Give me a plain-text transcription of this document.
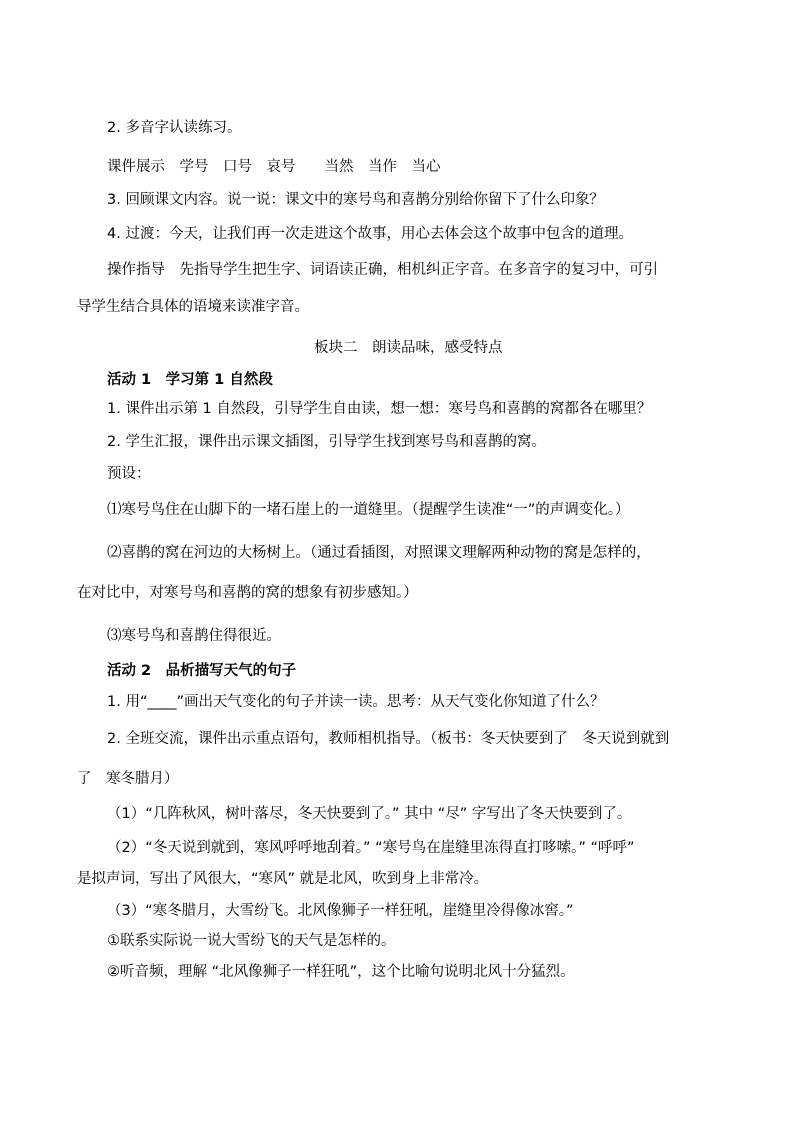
2. 多音字认读练习。
课件展示　学号　口号　哀号　　当然　当作　当心
3. 回顾课文内容。说一说：课文中的寒号鸟和喜鹊分别给你留下了什么印象？
4. 过渡：今天，让我们再一次走进这个故事，用心去体会这个故事中包含的道理。
操作指导　先指导学生把生字、词语读正确，相机纠正字音。在多音字的复习中，可引
导学生结合具体的语境来读准字音。
板块二　朗读品味，感受特点
活动 1　学习第 1 自然段
1. 课件出示第 1 自然段，引导学生自由读，想一想：寒号鸟和喜鹊的窝都各在哪里？
2. 学生汇报，课件出示课文插图，引导学生找到寒号鸟和喜鹊的窝。
预设：
⑴寒号鸟住在山脚下的一堵石崖上的一道缝里。（提醒学生读准“一”的声调变化。）
⑵喜鹊的窝在河边的大杨树上。（通过看插图，对照课文理解两种动物的窝是怎样的，
在对比中，对寒号鸟和喜鹊的窝的想象有初步感知。）
⑶寒号鸟和喜鹊住得很近。
活动 2　品析描写天气的句子
1. 用“____”画出天气变化的句子并读一读。思考：从天气变化你知道了什么？
2. 全班交流，课件出示重点语句，教师相机指导。（板书：冬天快要到了　冬天说到就到
了　寒冬腊月）
（1）“几阵秋风，树叶落尽，冬天快要到了。” 其中 “尽” 字写出了冬天快要到了。
（2）“冬天说到就到，寒风呼呼地刮着。” “寒号鸟在崖缝里冻得直打哆嗦。” “呼呼”
是拟声词，写出了风很大，“寒风” 就是北风，吹到身上非常冷。
（3）“寒冬腊月，大雪纷飞。北风像狮子一样狂吼，崖缝里冷得像冰窖。”
①联系实际说一说大雪纷飞的天气是怎样的。
②听音频，理解 “北风像狮子一样狂吼”，这个比喻句说明北风十分猛烈。
